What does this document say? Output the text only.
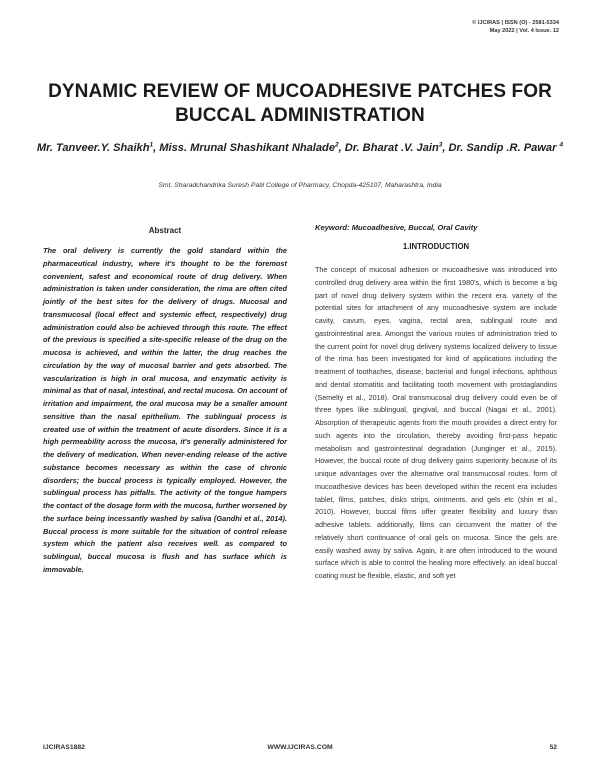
© IJCIRAS | ISSN (O) - 2581-5334
May 2022 | Vol. 4 Issue. 12
DYNAMIC REVIEW OF MUCOADHESIVE PATCHES FOR BUCCAL ADMINISTRATION
Mr. Tanveer.Y. Shaikh$^1$, Miss. Mrunal Shashikant Nhalade$^2$, Dr. Bharat .V. Jain$^3$, Dr. Sandip .R. Pawar $^4$
Smt. Sharadchandrika Suresh Patil College of Pharmacy, Chopda-425107, Maharashtra, India
Abstract

The oral delivery is currently the gold standard within the pharmaceutical industry, where it's thought to be the foremost convenient, safest and economical route of drug delivery. When administration is taken under consideration, the rima are often cited jointly of the best sites for the delivery of drugs. Mucosal and transmucosal (local effect and systemic effect, respectively) drug administration could also be achieved through this route. The effect of the previous is specified a site-specific release of the drug on the mucosa is achieved, and within the latter, the drug reaches the circulation by the way of mucosal barrier and gets absorbed. The vascularization is high in oral mucosa, and enzymatic activity is minimal as that of nasal, intestinal, and rectal mucosa. On account of irritation and impairment, the oral mucosa may be a smaller amount sensitive than the nasal epithelium. The sublingual process is created use of within the treatment of acute disorders. Since it is a high permeability across the mucosa, it's generally administered for the delivery of medication. When never-ending release of the active substance becomes necessary as within the case of chronic disorders; the buccal process is typically employed. However, the sublingual process has pitfalls. The activity of the tongue hampers the contact of the dosage form with the mucosa, further worsened by the surface being incessantly washed by saliva (Gandhi et al., 2014). Buccal process is more suitable for the situation of control release system which the patient also receives well. as compared to sublingual, buccal mucosa is flush and has surface which is immovable.

Keyword: Mucoadhesive, Buccal, Oral Cavity
1.INTRODUCTION

The concept of mucosal adhesion or mucoadhesive was introduced into controlled drug delivery area within the first 1980's, which is become a big part of novel drug delivery system within the recent era. variety of the potential sites for attachment of any mucoadhesive system are include cavity, cavum, eyes, vagina, rectal area, sublingual route and gastrointestinal area. Amongst the various routes of administration tried to the current point for novel drug delivery systems localized delivery to tissue of the rima has been investigated for kind of applications including the treatment of toothaches, disease, bacterial and fungal infections, aphthous and dental stomatitis and facilitating tooth movement with prostaglandins (Semelty et al., 2018). Oral transmucosal drug delivery could even be of three types like sublingual, gingival, and buccal (Nagai et al., 2001). Absorption of therapeutic agents from the mouth provides a direct entry for such agents into the circulation, thereby avoiding first-pass hepatic metabolism and gastrointestinal degradation (Junginger et al., 2015). However, the buccal route of drug delivery gains superiority because of its unique advantages over the alternative oral transmucosal routes. form of mucoadhesive devices has been developed within the recent era includes tablet, films, patches, disks strips, ointments, and gels etc (shin et al., 2010). However, buccal films offer greater flexibility and luxury than adhesive tablets. additionally, films can circumvent the matter of the relatively short continuance of oral gels on mucosa. Since the gels are easily washed away by saliva. Again, it are often introduced to the wound surface which is able to control the healing more effectively. an ideal buccal coating must be flexible, elastic, and soft yet

IJCIRAS1882	WWW.IJCIRAS.COM	52
